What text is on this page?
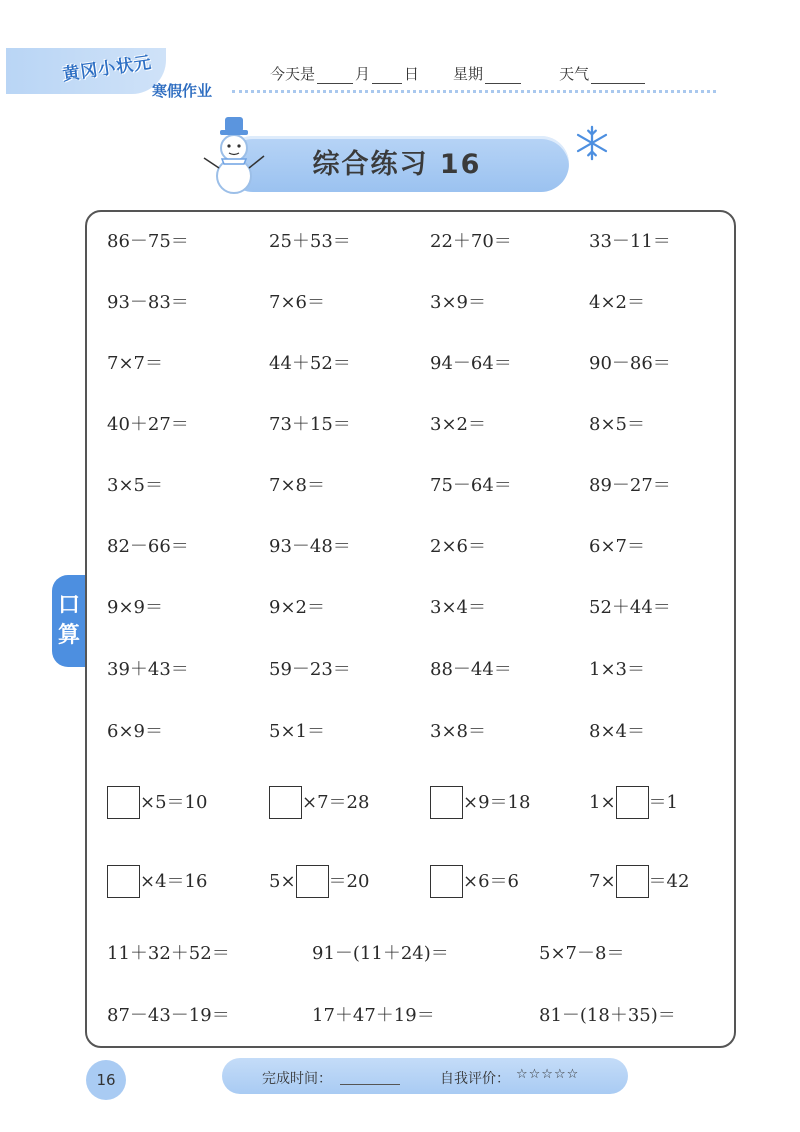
黄冈小状元
寒假作业
今天是	月 日 星期	天气
综合练习 16
口
算
86－75＝	25＋53＝	22＋70＝	33－11＝
93－83＝	7×6＝	3×9＝	4×2＝
7×7＝	44＋52＝	94－64＝	90－86＝
40＋27＝	73＋15＝	3×2＝	8×5＝
3×5＝	7×8＝	75－64＝	89－27＝
82－66＝	93－48＝	2×6＝	6×7＝
9×9＝	9×2＝	3×4＝	52＋44＝
39＋43＝	59－23＝	88－44＝	1×3＝
6×9＝	5×1＝	3×8＝	8×4＝
×5＝10	×7＝28	×9＝18	1× ＝1
×4＝16	5× ＝20	×6＝6	7× ＝42
11＋32＋52＝	91－(11＋24)＝	5×7－8＝
87－43－19＝	17＋47＋19＝	81－(18＋35)＝
16	完成时间：	自我评价： ☆☆☆☆☆
